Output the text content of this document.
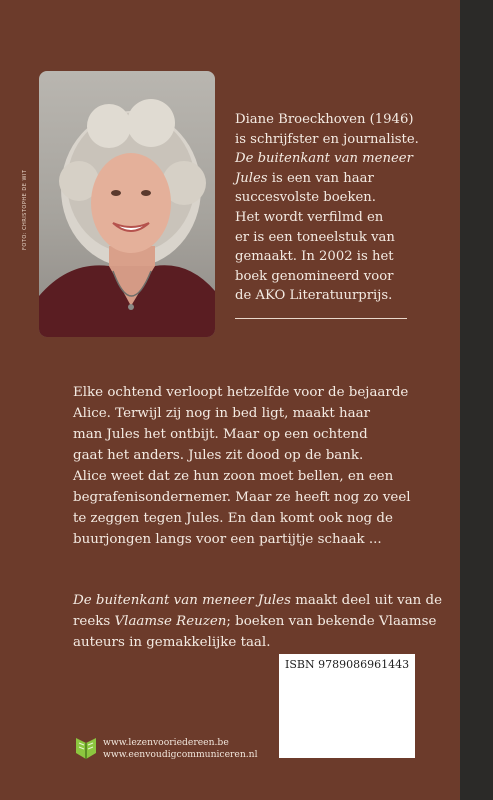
FOTO: CHRISTOPHE DE WIT
Diane Broeckhoven (1946)
is schrijfster en journaliste.
De buitenkant van meneer
Jules is een van haar
succesvolste boeken.
Het wordt verfilmd en
er is een toneelstuk van
gemaakt. In 2002 is het
boek genomineerd voor
de AKO Literatuurprijs.

Elke ochtend verloopt hetzelfde voor de bejaarde

Alice. Terwijl zij nog in bed ligt, maakt haar

man Jules het ontbijt. Maar op een ochtend

gaat het anders. Jules zit dood op de bank.

Alice weet dat ze hun zoon moet bellen, en een

begrafenisondernemer. Maar ze heeft nog zo veel

te zeggen tegen Jules. En dan komt ook nog de

buurjongen langs voor een partijtje schaak ...

De buitenkant van meneer Jules maakt deel uit van de
reeks Vlaamse Reuzen; boeken van bekende Vlaamse
auteurs in gemakkelijke taal.
ISBN 9789086961443
www.lezenvooriedereen.be
www.eenvoudigcommuniceren.nl
